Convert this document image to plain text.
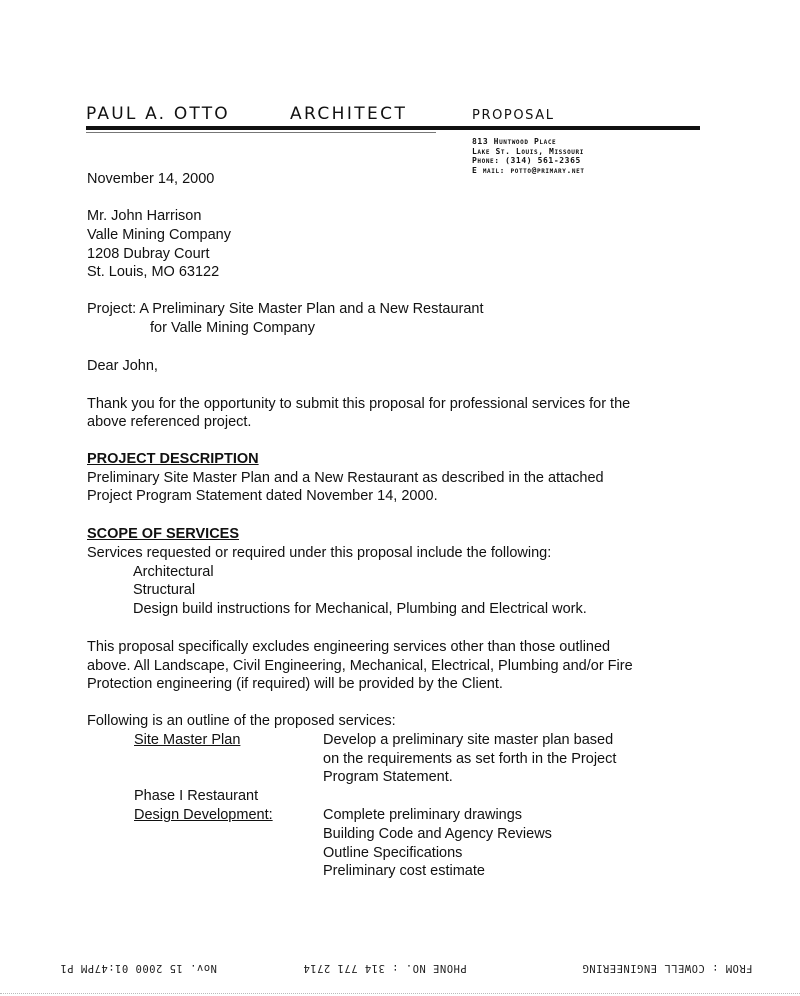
PAUL A. OTTO	ARCHITECT	PROPOSAL
813 Huntwood Place
Lake St. Louis, Missouri
Phone: (314) 561-2365
E mail: potto@primary.net
November 14, 2000
Mr. John Harrison
Valle Mining Company
1208 Dubray Court
St. Louis, MO 63122
Project: A Preliminary Site Master Plan and a New Restaurant
for Valle Mining Company
Dear John,
Thank you for the opportunity to submit this proposal for professional services for the
above referenced project.
PROJECT DESCRIPTION
Preliminary Site Master Plan and a New Restaurant as described in the attached
Project Program Statement dated November 14, 2000.
SCOPE OF SERVICES
Services requested or required under this proposal include the following:
Architectural
Structural
Design build instructions for Mechanical, Plumbing and Electrical work.
This proposal specifically excludes engineering services other than those outlined
above. All Landscape, Civil Engineering, Mechanical, Electrical, Plumbing and/or Fire
Protection engineering (if required) will be provided by the Client.
Following is an outline of the proposed services:
Site Master Plan	Develop a preliminary site master plan based
on the requirements as set forth in the Project
Program Statement.
Phase I Restaurant
Design Development:	Complete preliminary drawings
Building Code and Agency Reviews
Outline Specifications
Preliminary cost estimate
FROM : COWELL ENGINEERING
PHONE NO. : 314 771 2714
Nov. 15 2000 01:47PM P1
